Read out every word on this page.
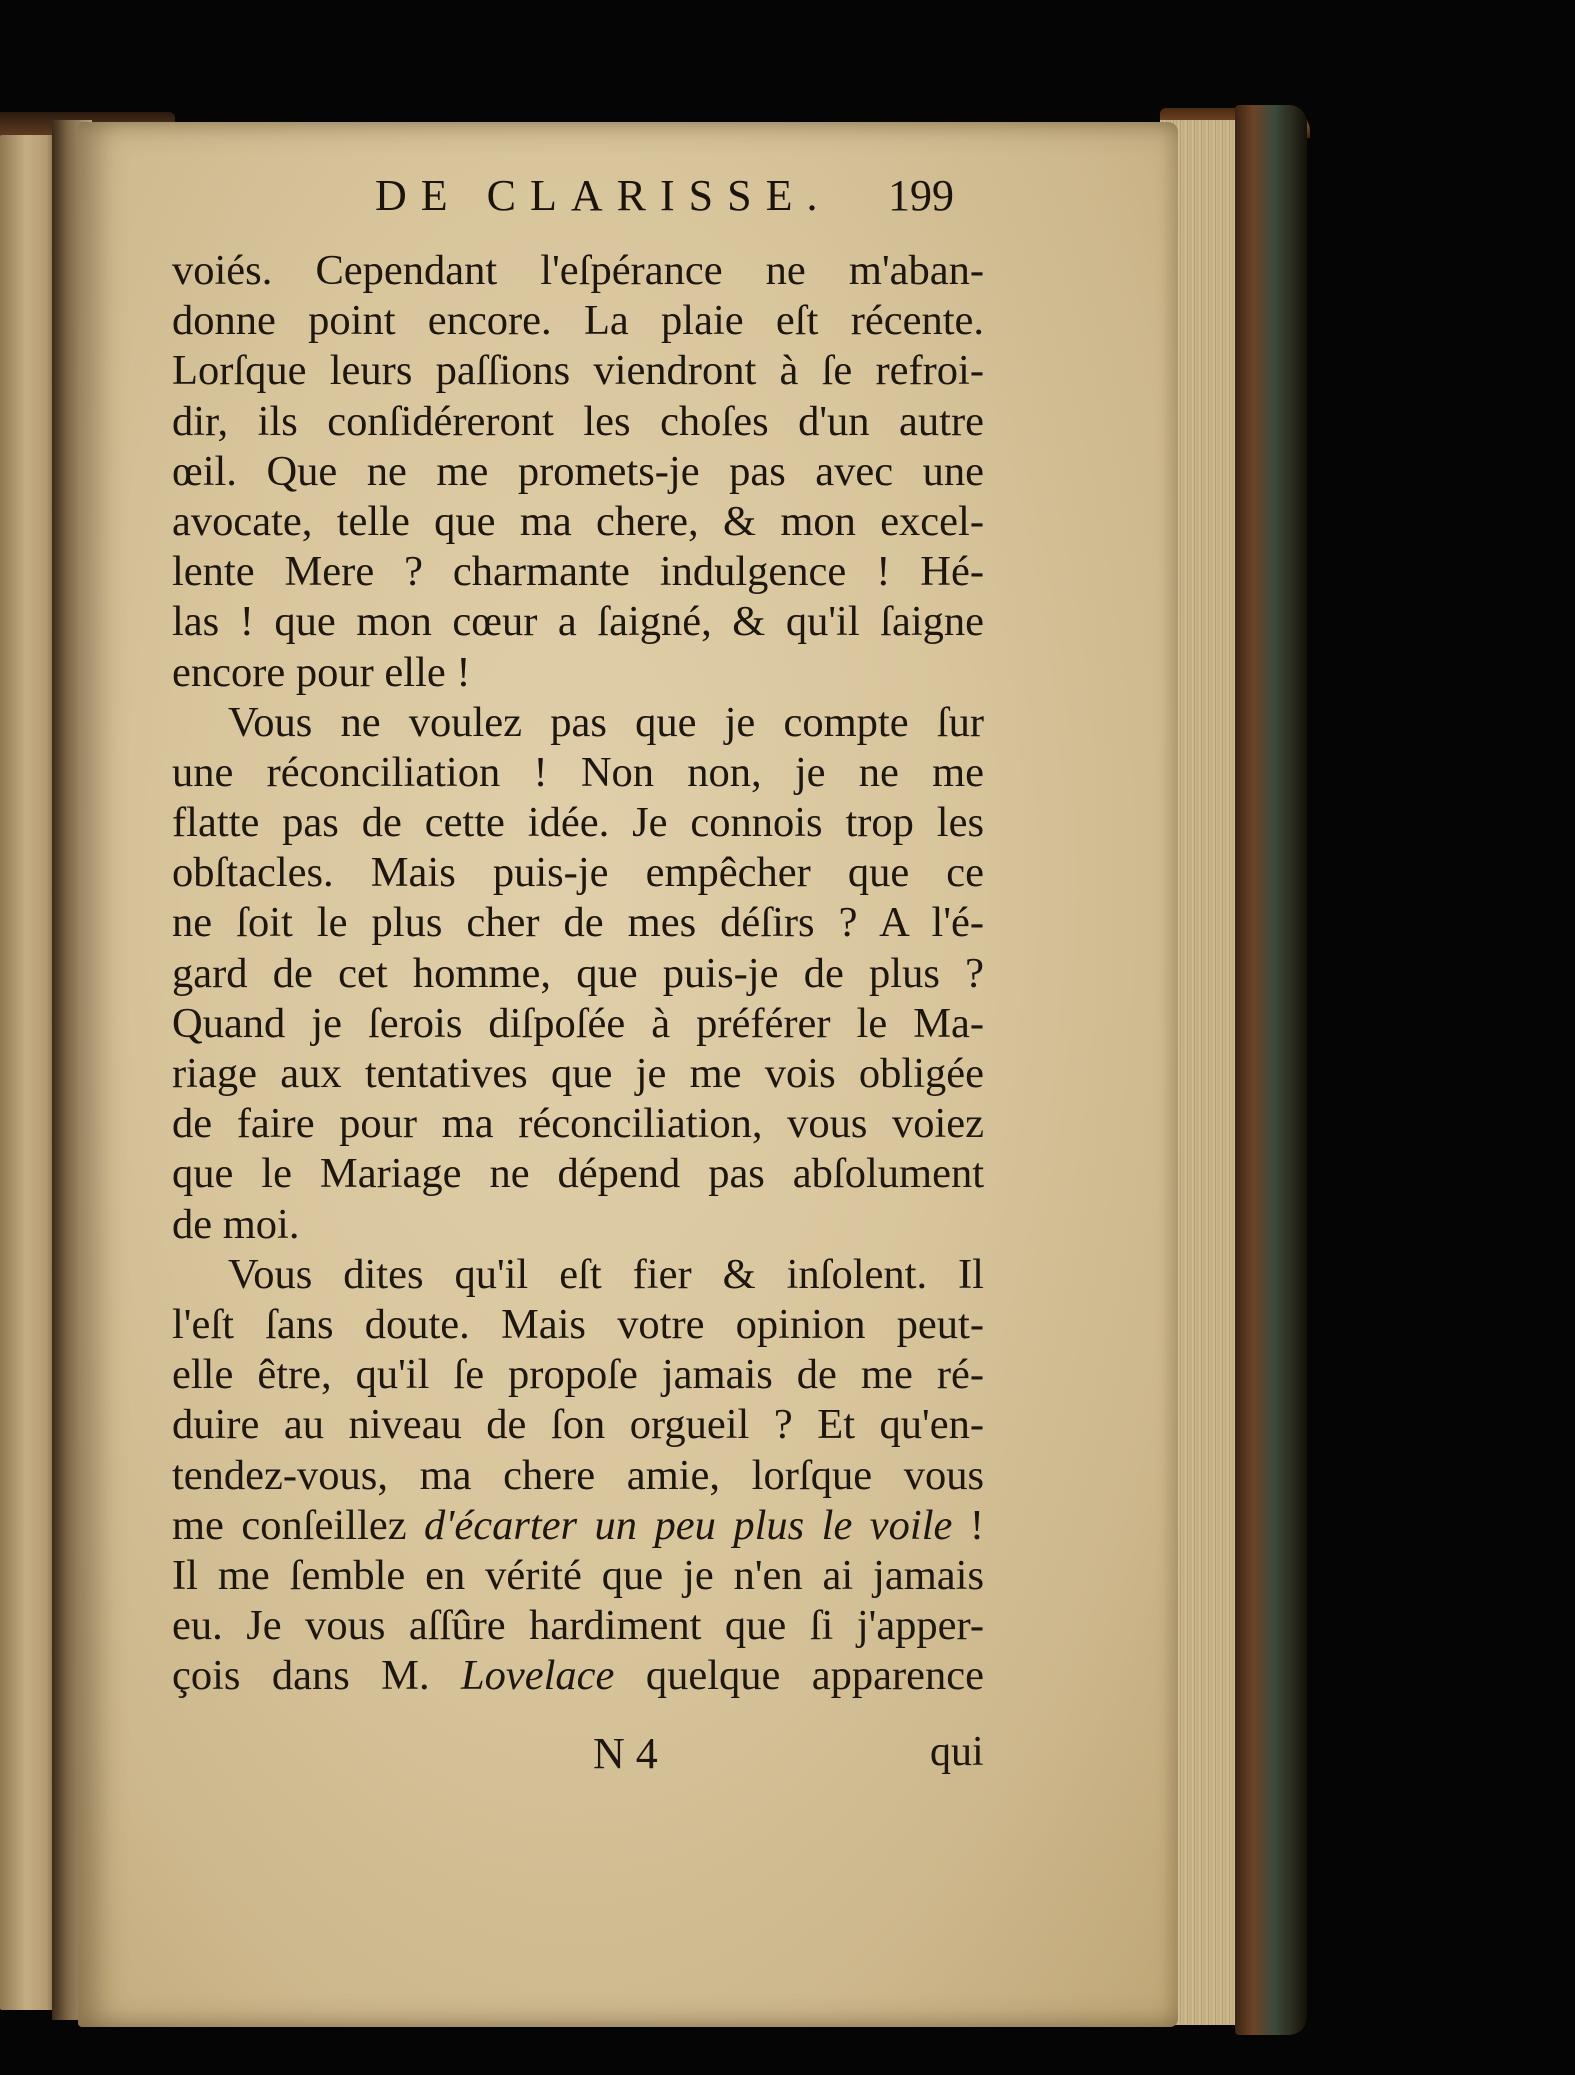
DE CLARISSE. 199
voiés. Cependant l'eſpérance ne m'aban-
donne point encore. La plaie eſt récente.
Lorſque leurs paſſions viendront à ſe refroi-
dir, ils conſidéreront les choſes d'un autre
œil. Que ne me promets-je pas avec une
avocate, telle que ma chere, & mon excel-
lente Mere ? charmante indulgence ! Hé-
las ! que mon cœur a ſaigné, & qu'il ſaigne
encore pour elle !
Vous ne voulez pas que je compte ſur
une réconciliation ! Non non, je ne me
flatte pas de cette idée. Je connois trop les
obſtacles. Mais puis-je empêcher que ce
ne ſoit le plus cher de mes déſirs ? A l'é-
gard de cet homme, que puis-je de plus ?
Quand je ſerois diſpoſée à préférer le Ma-
riage aux tentatives que je me vois obligée
de faire pour ma réconciliation, vous voiez
que le Mariage ne dépend pas abſolument
de moi.
Vous dites qu'il eſt fier & inſolent. Il
l'eſt ſans doute. Mais votre opinion peut-
elle être, qu'il ſe propoſe jamais de me ré-
duire au niveau de ſon orgueil ? Et qu'en-
tendez-vous, ma chere amie, lorſque vous
me conſeillez d'écarter un peu plus le voile !
Il me ſemble en vérité que je n'en ai jamais
eu. Je vous aſſûre hardiment que ſi j'apper-
çois dans M. Lovelace quelque apparence
N 4	qui
